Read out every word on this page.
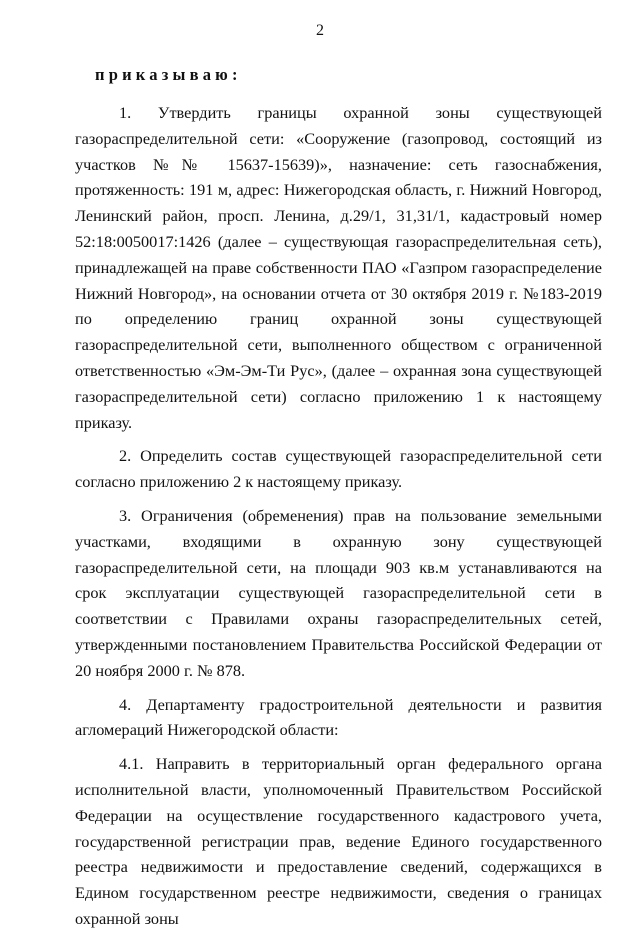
2

приказываю:

1. Утвердить границы охранной зоны существующей газораспределительной сети: «Сооружение (газопровод, состоящий из участков №№ 15637-15639)», назначение: сеть газоснабжения, протяженность: 191 м, адрес: Нижегородская область, г. Нижний Новгород, Ленинский район, просп. Ленина, д.29/1, 31,31/1, кадастровый номер 52:18:0050017:1426 (далее – существующая газораспределительная сеть), принадлежащей на праве собственности ПАО «Газпром газораспределение Нижний Новгород», на основании отчета от 30 октября 2019 г. №183-2019 по определению границ охранной зоны существующей газораспределительной сети, выполненного обществом с ограниченной ответственностью «Эм-Эм-Ти Рус», (далее – охранная зона существующей газораспределительной сети) согласно приложению 1 к настоящему приказу.

2. Определить состав существующей газораспределительной сети согласно приложению 2 к настоящему приказу.

3. Ограничения (обременения) прав на пользование земельными участками, входящими в охранную зону существующей газораспределительной сети, на площади 903 кв.м устанавливаются на срок эксплуатации существующей газораспределительной сети в соответствии с Правилами охраны газораспределительных сетей, утвержденными постановлением Правительства Российской Федерации от 20 ноября 2000 г. № 878.

4. Департаменту градостроительной деятельности и развития агломераций Нижегородской области:

4.1. Направить в территориальный орган федерального органа исполнительной власти, уполномоченный Правительством Российской Федерации на осуществление государственного кадастрового учета, государственной регистрации прав, ведение Единого государственного реестра недвижимости и предоставление сведений, содержащихся в Едином государственном реестре недвижимости, сведения о границах охранной зоны
